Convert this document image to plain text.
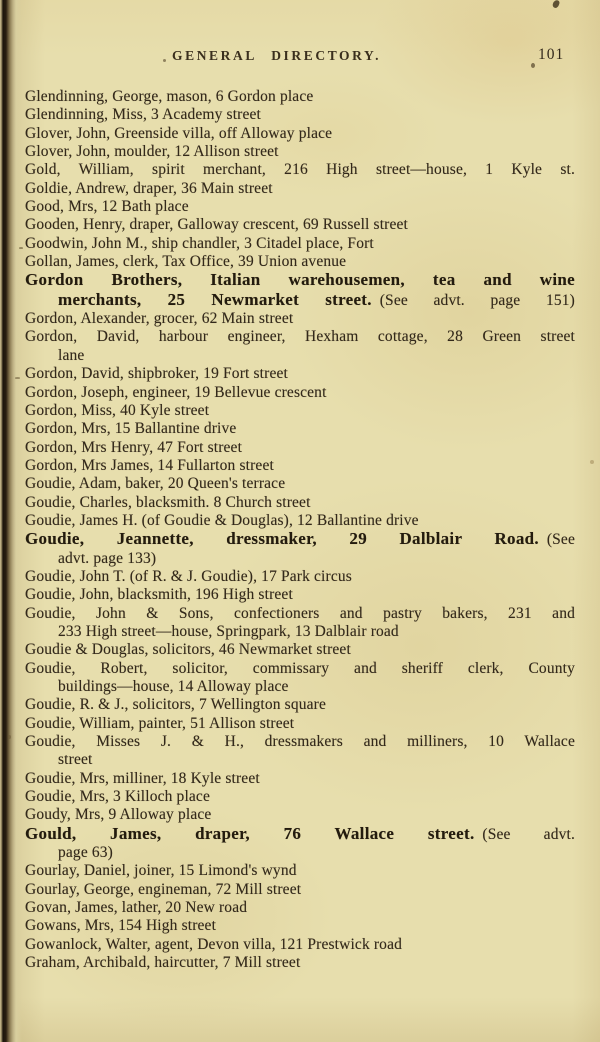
GENERAL DIRECTORY.	101
Glendinning, George, mason, 6 Gordon place
Glendinning, Miss, 3 Academy street
Glover, John, Greenside villa, off Alloway place
Glover, John, moulder, 12 Allison street
Gold, William, spirit merchant, 216 High street—house, 1 Kyle st.
Goldie, Andrew, draper, 36 Main street
Good, Mrs, 12 Bath place
Gooden, Henry, draper, Galloway crescent, 69 Russell street
Goodwin, John M., ship chandler, 3 Citadel place, Fort
Gollan, James, clerk, Tax Office, 39 Union avenue
Gordon Brothers, Italian warehousemen, tea and wine
merchants, 25 Newmarket street.  (See advt. page 151)
Gordon, Alexander, grocer, 62 Main street
Gordon, David, harbour engineer, Hexham cottage, 28 Green street
lane
Gordon, David, shipbroker, 19 Fort street
Gordon, Joseph, engineer, 19 Bellevue crescent
Gordon, Miss, 40 Kyle street
Gordon, Mrs, 15 Ballantine drive
Gordon, Mrs Henry, 47 Fort street
Gordon, Mrs James, 14 Fullarton street
Goudie, Adam, baker, 20 Queen's terrace
Goudie, Charles, blacksmith. 8 Church street
Goudie, James H. (of Goudie & Douglas), 12 Ballantine drive
Goudie, Jeannette, dressmaker, 29 Dalblair Road.  (See
advt. page 133)
Goudie, John T. (of R. & J. Goudie), 17 Park circus
Goudie, John, blacksmith, 196 High street
Goudie, John & Sons, confectioners and pastry bakers, 231 and
233 High street—house, Springpark, 13 Dalblair road
Goudie & Douglas, solicitors, 46 Newmarket street
Goudie, Robert, solicitor, commissary and sheriff clerk, County
buildings—house, 14 Alloway place
Goudie, R. & J., solicitors, 7 Wellington square
Goudie, William, painter, 51 Allison street
Goudie, Misses J. & H., dressmakers and milliners, 10 Wallace
street
Goudie, Mrs, milliner, 18 Kyle street
Goudie, Mrs, 3 Killoch place
Goudy, Mrs, 9 Alloway place
Gould, James, draper, 76 Wallace street.  (See advt.
page 63)
Gourlay, Daniel, joiner, 15 Limond's wynd
Gourlay, George, engineman, 72 Mill street
Govan, James, lather, 20 New road
Gowans, Mrs, 154 High street
Gowanlock, Walter, agent, Devon villa, 121 Prestwick road
Graham, Archibald, haircutter, 7 Mill street
